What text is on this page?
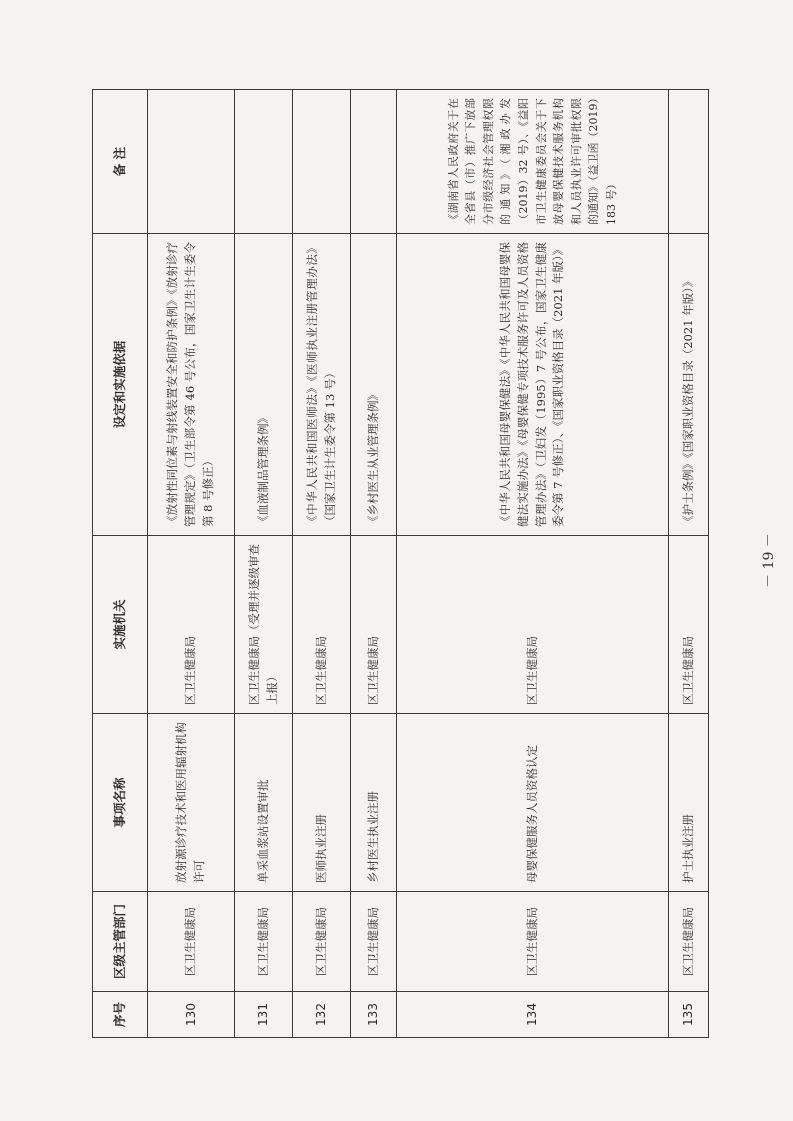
序号	区级主管部门	事项名称	实施机关	设定和实施依据	备 注
130	区卫生健康局	放射源诊疗技术和医用辐射机构许可	区卫生健康局	《放射性同位素与射线装置安全和防护条例》《放射诊疗管理规定》（卫生部令第 46 号公布，国家卫生计生委令第 8 号修正）	
131	区卫生健康局	单采血浆站设置审批	区卫生健康局（受理并逐级审查上报）	《血液制品管理条例》	
132	区卫生健康局	医师执业注册	区卫生健康局	《中华人民共和国医师法》《医师执业注册管理办法》（国家卫生计生委令第 13 号）	
133	区卫生健康局	乡村医生执业注册	区卫生健康局	《乡村医生从业管理条例》	
134	区卫生健康局	母婴保健服务人员资格认定	区卫生健康局	《中华人民共和国母婴保健法》《中华人民共和国母婴保健法实施办法》《母婴保健专项技术服务许可及人员资格管理办法》（卫妇发（1995）7 号公布，国家卫生健康委令第 7 号修正）、《国家职业资格目录（2021 年版）》	《湖南省人民政府关于在全省县（市）推广下放部分市级经济社会管理权限的通知》（湘政办发（2019）32 号）、《益阳市卫生健康委员会关于下放母婴保健技术服务机构和人员执业许可审批权限的通知》（益卫函（2019）183 号）
135	区卫生健康局	护士执业注册	区卫生健康局	《护士条例》《国家职业资格目录（2021 年版）》	
－ 19 －
